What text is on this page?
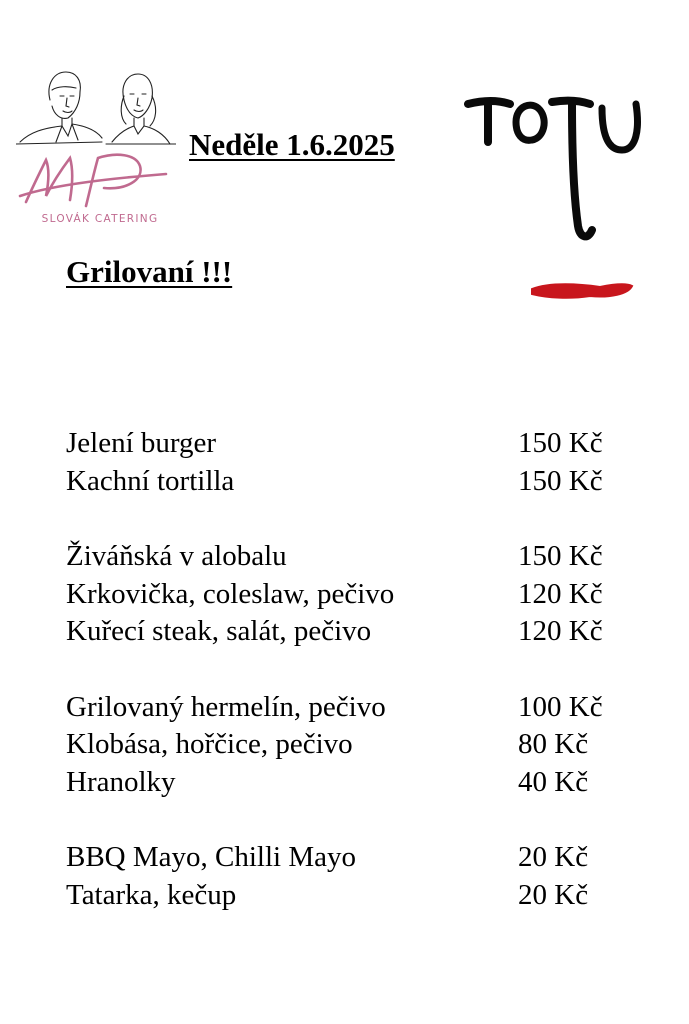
SLOVÁK CATERING
Neděle 1.6.2025
Grilovaní !!!
Jelení burger	150 Kč
Kachní tortilla	150 Kč
Živáňská v alobalu	150 Kč
Krkovička, coleslaw, pečivo	120 Kč
Kuřecí steak, salát, pečivo	120 Kč
Grilovaný hermelín, pečivo	100 Kč
Klobása, hořčice, pečivo	80 Kč
Hranolky	40 Kč
BBQ Mayo, Chilli Mayo	20 Kč
Tatarka, kečup	20 Kč
